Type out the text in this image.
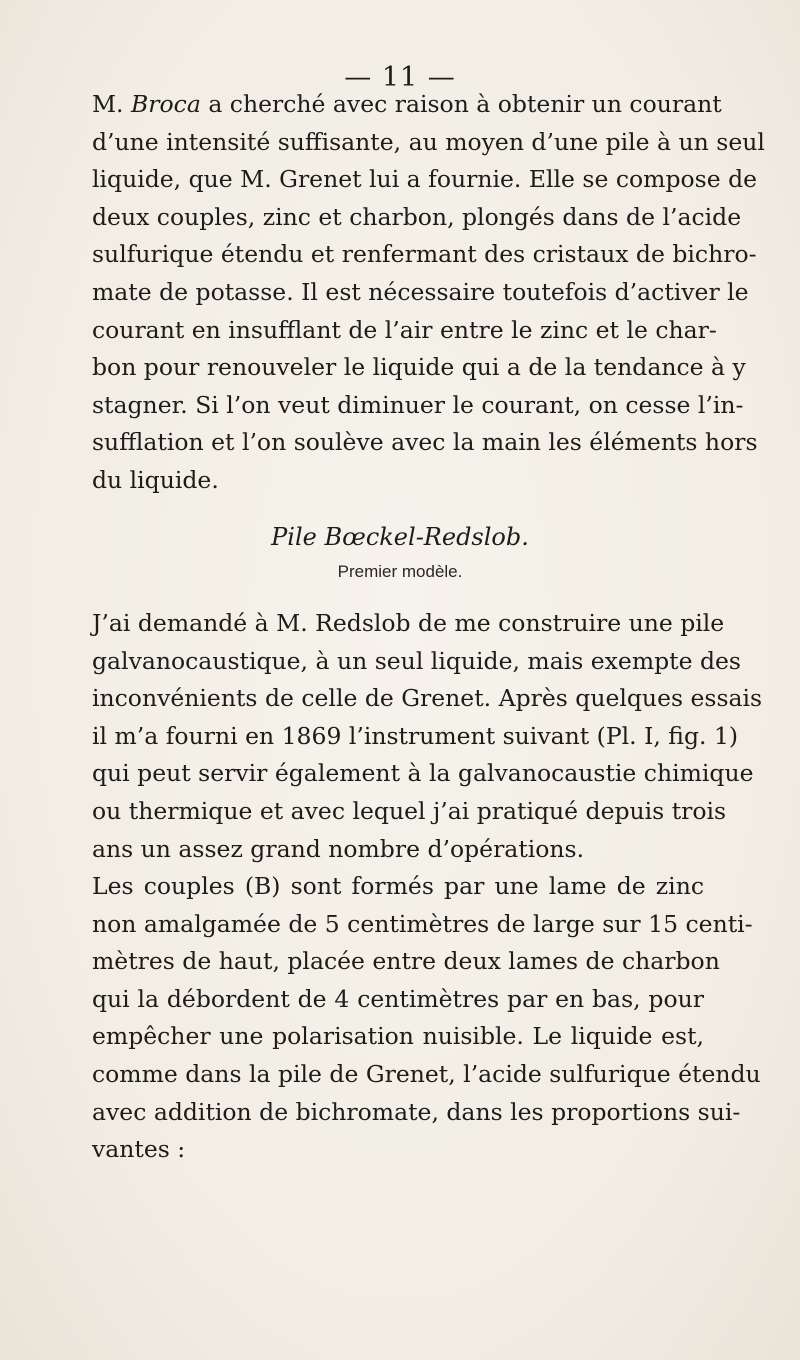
— 11 —

M. Broca a cherché avec raison à obtenir un courant
d’une intensité suffisante, au moyen d’une pile à un seul
liquide, que M. Grenet lui a fournie. Elle se compose de
deux couples, zinc et charbon, plongés dans de l’acide
sulfurique étendu et renfermant des cristaux de bichro-
mate de potasse. Il est nécessaire toutefois d’activer le
courant en insufflant de l’air entre le zinc et le char-
bon pour renouveler le liquide qui a de la tendance à y
stagner. Si l’on veut diminuer le courant, on cesse l’in-
sufflation et l’on soulève avec la main les éléments hors
du liquide.

Pile Bœckel-Redslob.
Premier modèle.

J’ai demandé à M. Redslob de me construire une pile
galvanocaustique, à un seul liquide, mais exempte des
inconvénients de celle de Grenet. Après quelques essais
il m’a fourni en 1869 l’instrument suivant (Pl. I, fig. 1)
qui peut servir également à la galvanocaustie chimique
ou thermique et avec lequel j’ai pratiqué depuis trois
ans un assez grand nombre d’opérations.

Les couples (B) sont formés par une lame de zinc
non amalgamée de 5 centimètres de large sur 15 centi-
mètres de haut, placée entre deux lames de charbon
qui la débordent de 4 centimètres par en bas, pour
empêcher une polarisation nuisible. Le liquide est,
comme dans la pile de Grenet, l’acide sulfurique étendu
avec addition de bichromate, dans les proportions sui-
vantes :
